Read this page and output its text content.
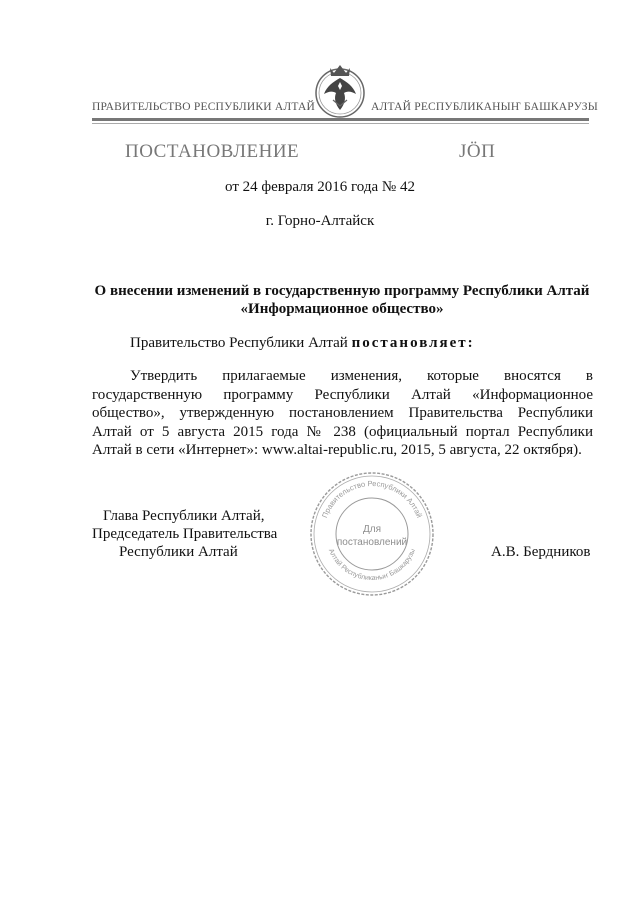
ПРАВИТЕЛЬСТВО РЕСПУБЛИКИ АЛТАЙ	АЛТАЙ РЕСПУБЛИКАНЫҤ БАШКАРУЗЫ
ПОСТАНОВЛЕНИЕ	JÖП
от 24 февраля 2016 года № 42
г. Горно-Алтайск
О внесении изменений в государственную программу Республики Алтай
«Информационное общество»
Правительство Республики Алтай постановляет:
Утвердить прилагаемые изменения, которые вносятся в
государственную программу Республики Алтай «Информационное
общество», утвержденную постановлением Правительства Республики
Алтай от 5 августа 2015 года № 238 (официальный портал Республики
Алтай в сети «Интернет»: www.altai-republic.ru, 2015, 5 августа, 22 октября).
Глава Республики Алтай,
Председатель Правительства
Республики Алтай	А.В. Бердников
Правительство Республики Алтай
Алтай Республиканыҥ Башкарузы
Для
постановлений
